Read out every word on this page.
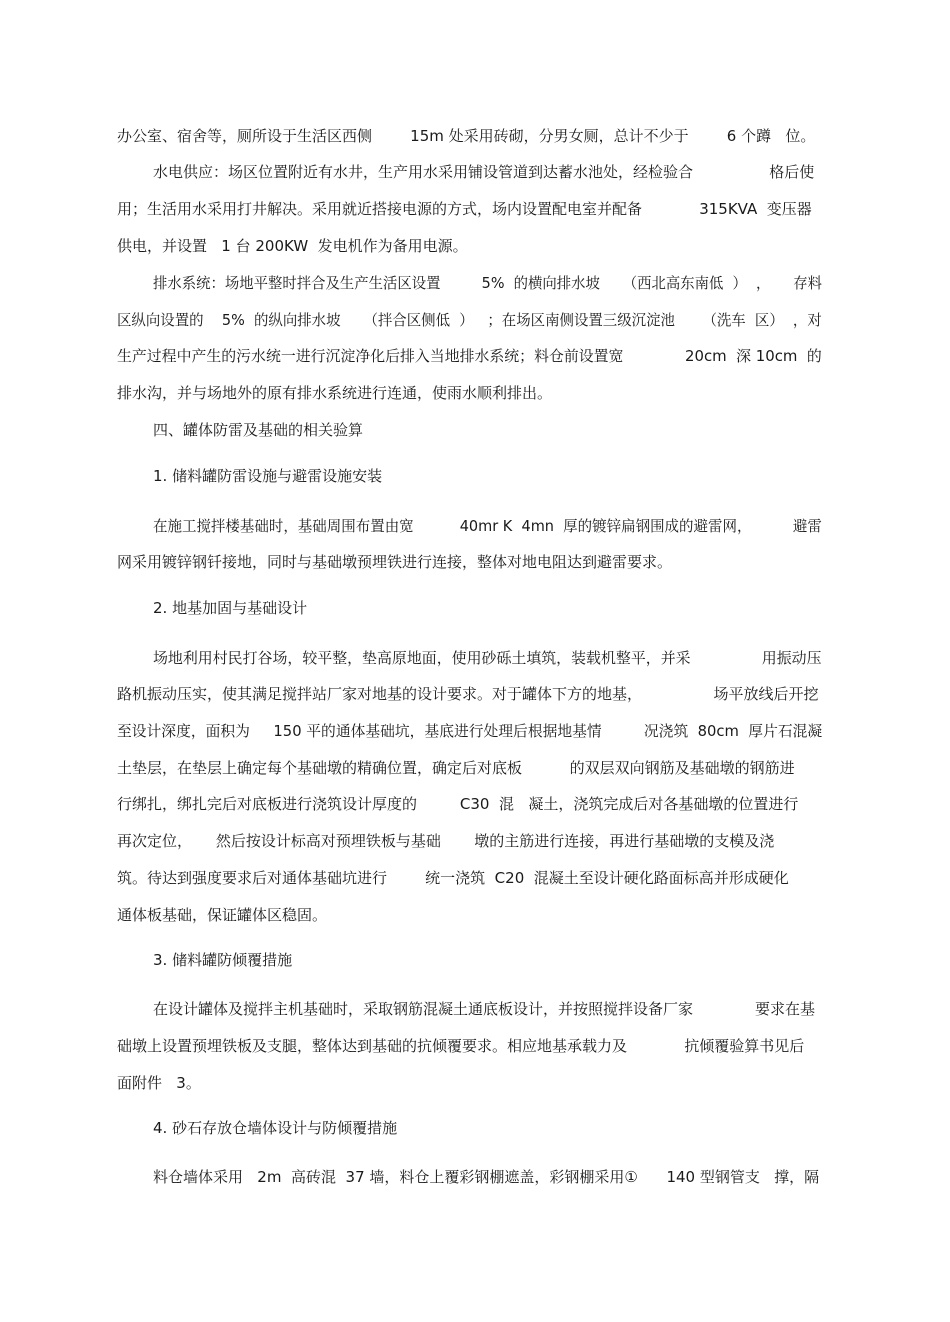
办公室、宿舍等，厕所设于生活区西侧        15m 处采用砖砌，分男女厕，总计不少于        6 个蹲   位。
水电供应：场区位置附近有水井，生产用水采用铺设管道到达蓄水池处，经检验合                格后使
用；生活用水采用打井解决。采用就近搭接电源的方式，场内设置配电室并配备            315KVA  变压器
供电，并设置   1 台 200KW  发电机作为备用电源。
排水系统：场地平整时拌合及生产生活区设置         5%  的横向排水坡     （西北高东南低  ）  ，     存料
区纵向设置的    5%  的纵向排水坡     （拌合区侧低  ）   ；在场区南侧设置三级沉淀池      （洗车  区）  ，对
生产过程中产生的污水统一进行沉淀净化后排入当地排水系统；料仓前设置宽             20cm  深 10cm  的
排水沟，并与场地外的原有排水系统进行连通，使雨水顺利排出。
四、罐体防雷及基础的相关验算
1. 储料罐防雷设施与避雷设施安装
在施工搅拌楼基础时，基础周围布置由宽          40mr K  4mn  厚的镀锌扁钢围成的避雷网，         避雷
网采用镀锌钢钎接地，同时与基础墩预埋铁进行连接，整体对地电阻达到避雷要求。
2. 地基加固与基础设计
场地利用村民打谷场，较平整，垫高原地面，使用砂砾土填筑，装载机整平，并采               用振动压
路机振动压实，使其满足搅拌站厂家对地基的设计要求。对于罐体下方的地基，               场平放线后开挖
至设计深度，面积为     150 平的通体基础坑，基底进行处理后根据地基情         况浇筑  80cm  厚片石混凝
土垫层，在垫层上确定每个基础墩的精确位置，确定后对底板          的双层双向钢筋及基础墩的钢筋进
行绑扎，绑扎完后对底板进行浇筑设计厚度的         C30  混   凝土，浇筑完成后对各基础墩的位置进行
再次定位，     然后按设计标高对预埋铁板与基础       墩的主筋进行连接，再进行基础墩的支模及浇
筑。待达到强度要求后对通体基础坑进行        统一浇筑  C20  混凝土至设计硬化路面标高并形成硬化
通体板基础，保证罐体区稳固。
3. 储料罐防倾覆措施
在设计罐体及搅拌主机基础时，采取钢筋混凝土通底板设计，并按照搅拌设备厂家             要求在基
础墩上设置预埋铁板及支腿，整体达到基础的抗倾覆要求。相应地基承载力及            抗倾覆验算书见后
面附件   3。
4. 砂石存放仓墙体设计与防倾覆措施
料仓墙体采用   2m  高砖混  37 墙，料仓上覆彩钢棚遮盖，彩钢棚采用①      140 型钢管支   撑，隔
